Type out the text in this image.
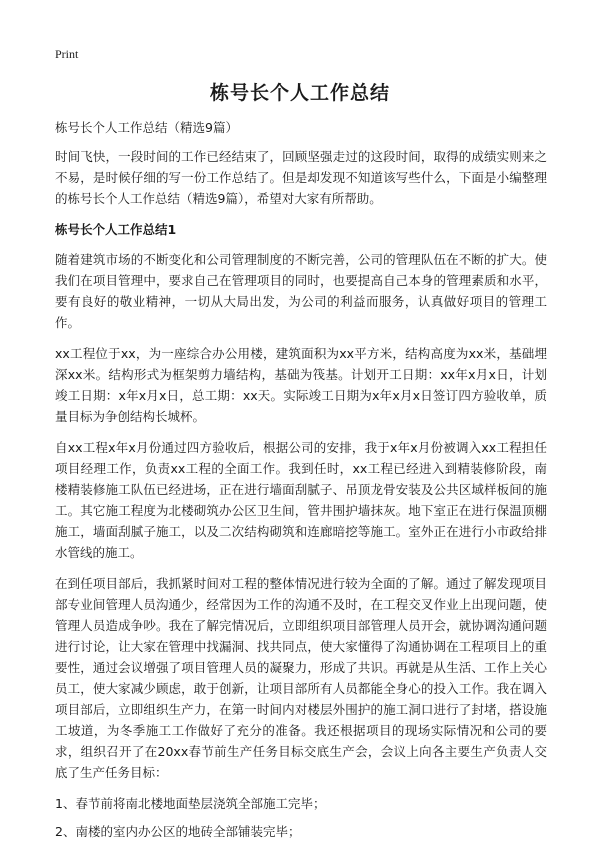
Print
栋号长个人工作总结

栋号长个人工作总结（精选9篇）

时间飞快，一段时间的工作已经结束了，回顾坚强走过的这段时间，取得的成绩实则来之不易，是时候仔细的写一份工作总结了。但是却发现不知道该写些什么，下面是小编整理的栋号长个人工作总结（精选9篇），希望对大家有所帮助。

栋号长个人工作总结1

随着建筑市场的不断变化和公司管理制度的不断完善，公司的管理队伍在不断的扩大。使我们在项目管理中，要求自己在管理项目的同时，也要提高自己本身的管理素质和水平，要有良好的敬业精神，一切从大局出发，为公司的利益而服务，认真做好项目的管理工作。

xx工程位于xx，为一座综合办公用楼，建筑面积为xx平方米，结构高度为xx米，基础埋深xx米。结构形式为框架剪力墙结构，基础为筏基。计划开工日期：xx年x月x日，计划竣工日期：x年x月x日，总工期：xx天。实际竣工日期为x年x月x日签订四方验收单，质量目标为争创结构长城杯。

自xx工程x年x月份通过四方验收后，根据公司的安排，我于x年x月份被调入xx工程担任项目经理工作，负责xx工程的全面工作。我到任时，xx工程已经进入到精装修阶段，南楼精装修施工队伍已经进场，正在进行墙面刮腻子、吊顶龙骨安装及公共区域样板间的施工。其它施工程度为北楼砌筑办公区卫生间，管井围护墙抹灰。地下室正在进行保温顶棚施工，墙面刮腻子施工，以及二次结构砌筑和连廊暗挖等施工。室外正在进行小市政给排水管线的施工。

在到任项目部后，我抓紧时间对工程的整体情况进行较为全面的了解。通过了解发现项目部专业间管理人员沟通少，经常因为工作的沟通不及时，在工程交叉作业上出现问题，使管理人员造成争吵。我在了解完情况后，立即组织项目部管理人员开会，就协调沟通问题进行讨论，让大家在管理中找漏洞、找共同点，使大家懂得了沟通协调在工程项目上的重要性，通过会议增强了项目管理人员的凝聚力，形成了共识。再就是从生活、工作上关心员工，使大家减少顾虑，敢于创新，让项目部所有人员都能全身心的投入工作。我在调入项目部后，立即组织生产力，在第一时间内对楼层外围护的施工洞口进行了封堵，搭设施工坡道，为冬季施工工作做好了充分的准备。我还根据项目的现场实际情况和公司的要求，组织召开了在20xx春节前生产任务目标交底生产会，会议上向各主要生产负责人交底了生产任务目标：

1、春节前将南北楼地面垫层浇筑全部施工完毕；

2、南楼的室内办公区的地砖全部铺装完毕；
